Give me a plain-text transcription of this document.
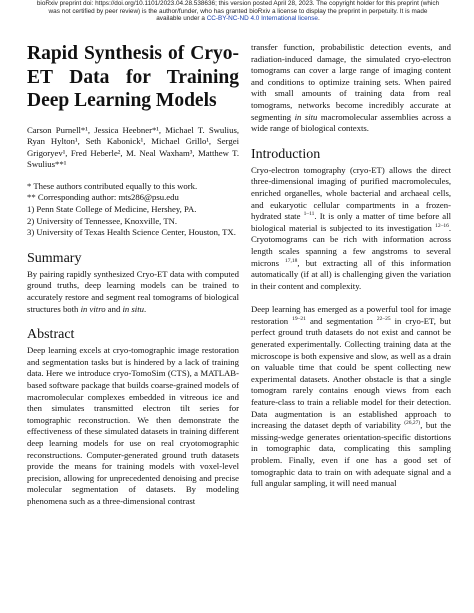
bioRxiv preprint doi: https://doi.org/10.1101/2023.04.28.538636; this version posted April 28, 2023. The copyright holder for this preprint (which
was not certified by peer review) is the author/funder, who has granted bioRxiv a license to display the preprint in perpetuity. It is made
available under a CC-BY-NC-ND 4.0 International license.
Rapid Synthesis of Cryo-ET Data for Training Deep Learning Models
Carson Purnell*¹, Jessica Heebner*¹, Michael T. Swulius, Ryan Hylton¹, Seth Kabonick¹, Michael Grillo¹, Sergei Grigoryev¹, Fred Heberle², M. Neal Waxham³, Matthew T. Swulius**¹

* These authors contributed equally to this work.

** Corresponding author: mts286@psu.edu

1) Penn State College of Medicine, Hershey, PA.

2) University of Tennessee, Knoxville, TN.

3) University of Texas Health Science Center, Houston, TX.

Summary

By pairing rapidly synthesized Cryo-ET data with computed ground truths, deep learning models can be trained to accurately restore and segment real tomograms of biological structures both in vitro and in situ.

Abstract

Deep learning excels at cryo-tomographic image restoration and segmentation tasks but is hindered by a lack of training data. Here we introduce cryo-TomoSim (CTS), a MATLAB-based software package that builds coarse-grained models of macromolecular complexes embedded in vitreous ice and then simulates transmitted electron tilt series for tomographic reconstruction. We then demonstrate the effectiveness of these simulated datasets in training different deep learning models for use on real cryotomographic reconstructions. Computer-generated ground truth datasets provide the means for training models with voxel-level precision, allowing for unprecedented denoising and precise molecular segmentation of datasets. By modeling phenomena such as a three-dimensional contrast

transfer function, probabilistic detection events, and radiation-induced damage, the simulated cryo-electron tomograms can cover a large range of imaging content and conditions to optimize training sets. When paired with small amounts of training data from real tomograms, networks become incredibly accurate at segmenting in situ macromolecular assemblies across a wide range of biological contexts.

Introduction

Cryo-electron tomography (cryo-ET) allows the direct three-dimensional imaging of purified macromolecules, enriched organelles, whole bacterial and archaeal cells, and eukaryotic cellular compartments in a frozen-hydrated state $^{1-11}$. It is only a matter of time before all biological material is subjected to its investigation $^{12-16}$. Cryotomograms can be rich with information across length scales spanning a few angstroms to several microns $^{17,18}$, but extracting all of this information automatically (if at all) is challenging given the variation in their content and complexity.

Deep learning has emerged as a powerful tool for image restoration $^{19-21}$ and segmentation $^{22-25}$ in cryo-ET, but perfect ground truth datasets do not exist and cannot be generated experimentally. Collecting training data at the microscope is both expensive and slow, as well as a drain on valuable time that could be spent collecting new experimental datasets. Another obstacle is that a single tomogram rarely contains enough views from each feature-class to train a reliable model for their detection. Data augmentation is an established approach to increasing the dataset depth of variability $^{(26,27)}$, but the missing-wedge generates orientation-specific distortions in tomographic data, complicating this sampling problem. Finally, even if one has a good set of tomographic data to train on with adequate signal and a full angular sampling, it will need manual
